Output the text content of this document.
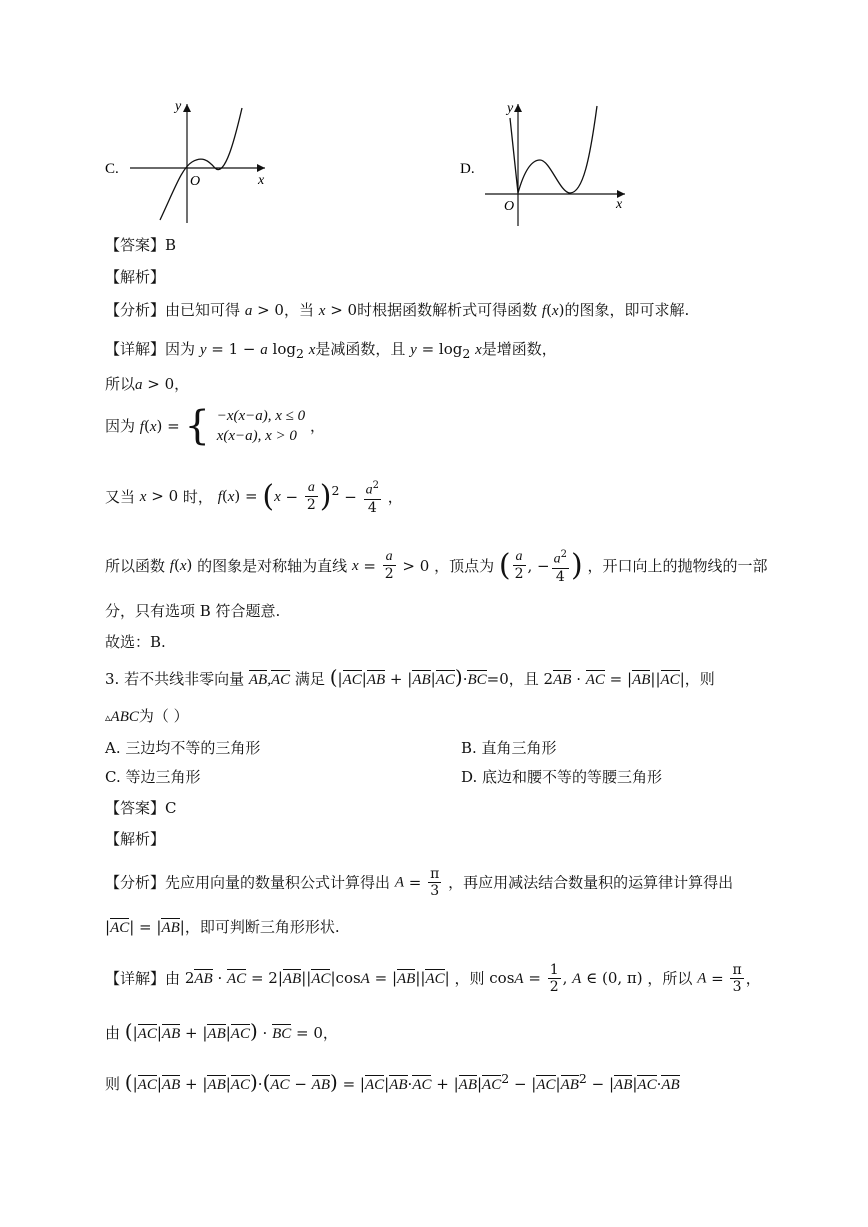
C.
y
x
O
D.
y
x
O
【答案】B
【解析】
【分析】由已知可得 a > 0，当 x > 0时根据函数解析式可得函数 f(x)的图象，即可求解.
【详解】因为 y = 1 − a $\log_2 x$是减函数，且 $y = \log_2 x$是增函数，
所以a > 0，
因为 f(x) = { −x(x−a), x ≤ 0
x(x−a), x > 0
，
又当 x > 0 时， $f(x) = (x - \frac{a}{2} )^2 - \frac{a^2}{4}$ ，
所以函数 f(x) 的图象是对称轴为直线 $x = \frac{a}{2} > 0$ ，顶点为 ( $\frac{a}{2}$ , − $\frac{a^2}{4}$ ) ，开口向上的抛物线的一部
分，只有选项 B 符合题意.
故选：B.
3. 若不共线非零向量 AB,AC 满足 (|AC|AB + |AB|AC)·BC=0，且 2AB · AC = |AB||AC|，则
▵ABC为（ ）
A. 三边均不等的三角形	B. 直角三角形
C. 等边三角形	D. 底边和腰不等的等腰三角形
【答案】C
【解析】
【分析】先应用向量的数量积公式计算得出 $A = \frac{\pi}{3}$ ，再应用减法结合数量积的运算律计算得出
|AC| = |AB|，即可判断三角形形状.
【详解】由 2AB · AC = 2|AB||AC|cosA = |AB||AC| ，则 $\cos A = \frac{1}{2}$ , A ∈ (0, π) ，所以 $A = \frac{\pi}{3}$ ，
由 (|AC|AB + |AB|AC) · BC = 0，
则 $(|AC|AB + |AB|AC)\cdot(AC - AB) = |AC|AB\cdot AC + |AB|AC^2 - |AC|AB^2 - |AB|AC\cdot AB$
